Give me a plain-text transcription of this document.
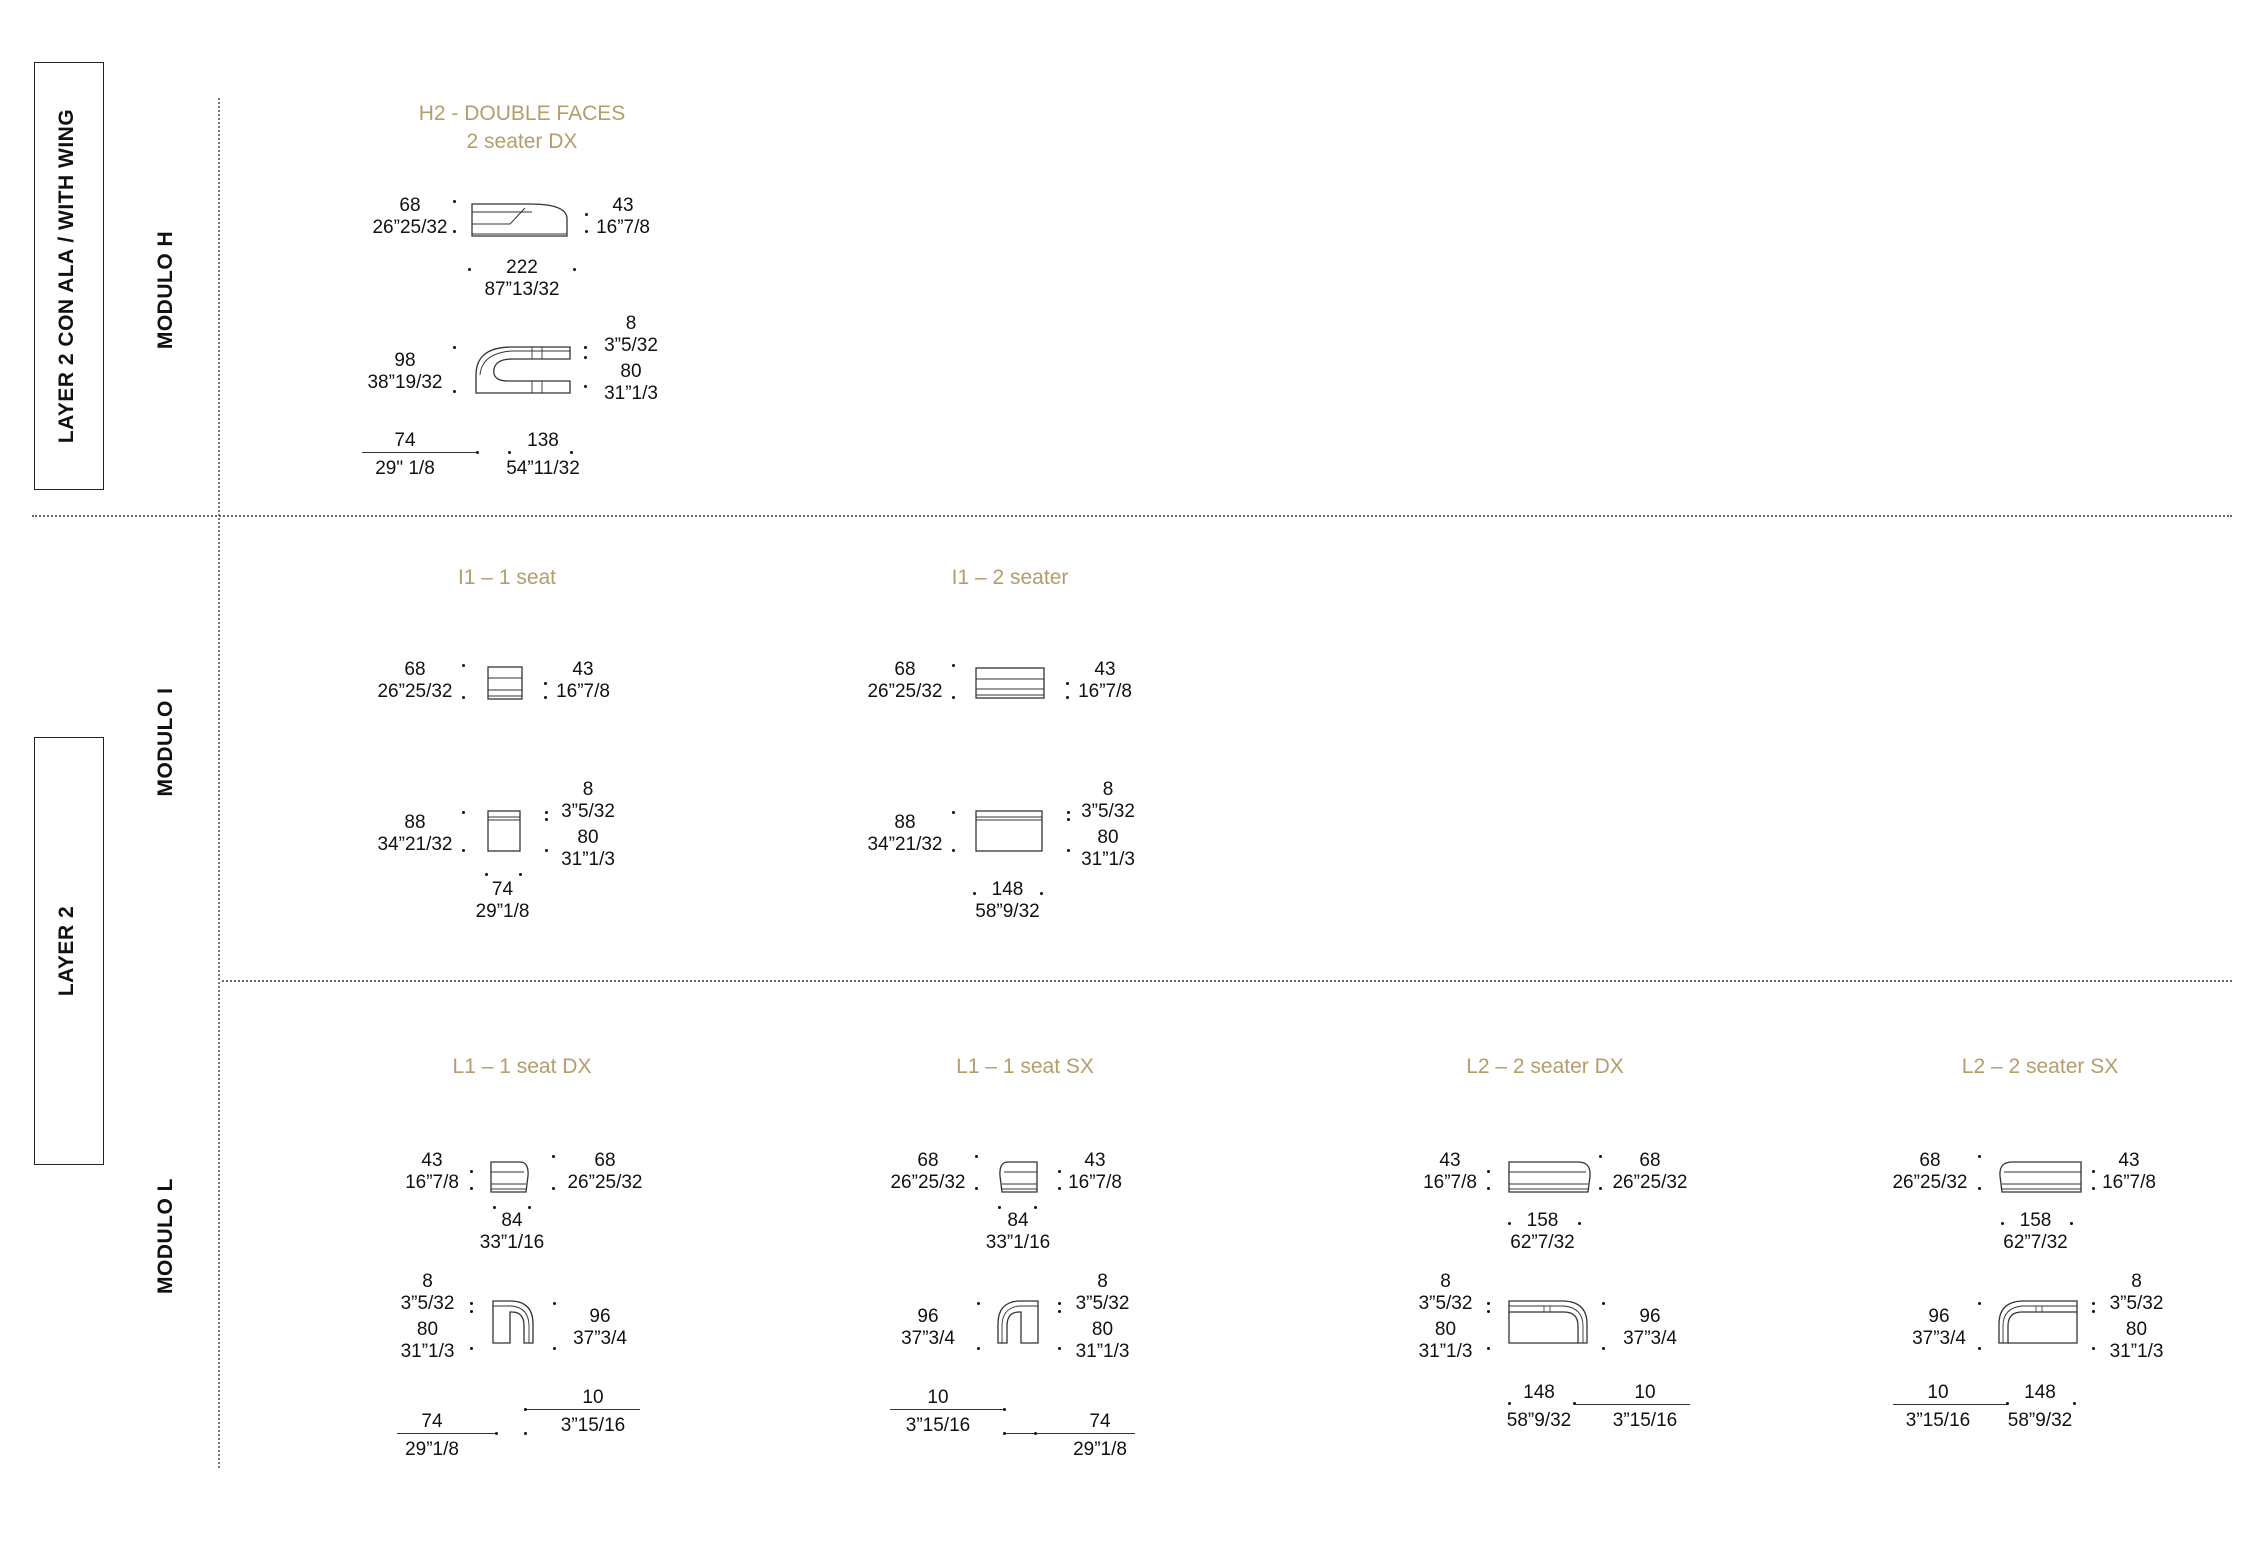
LAYER 2 CON ALA / WITH WING
LAYER 2
MODULO H
MODULO I
MODULO L
H2 - DOUBLE FACES
2 seater DX
68
26”25/32
43
16”7/8
222
87”13/32
98
38”19/32
8
3”5/32
80
31”1/3
74
29" 1/8
138
54”11/32
I1 – 1 seat
68
26”25/32
43
16”7/8
88
34”21/32
8
3”5/32
80
31”1/3
74
29”1/8
I1 – 2 seater
68
26”25/32
43
16”7/8
88
34”21/32
8
3”5/32
80
31”1/3
148
58”9/32
L1 – 1 seat DX
43
16”7/8
68
26”25/32
84
33”1/16
8
3”5/32
80
31”1/3
96
37”3/4
10
3”15/16
74
29”1/8
L1 – 1 seat SX
68
26”25/32
43
16”7/8
84
33”1/16
96
37”3/4
8
3”5/32
80
31”1/3
10
3”15/16	74
29”1/8
L2 – 2 seater DX
43
16”7/8
68
26”25/32
158
62”7/32
8
3”5/32
80
31”1/3
96
37”3/4
148
58”9/32
10
3”15/16
L2 – 2 seater SX
68
26”25/32
43
16”7/8
158
62”7/32
96
37”3/4
8
3”5/32
80
31”1/3
10
3”15/16
148
58”9/32
